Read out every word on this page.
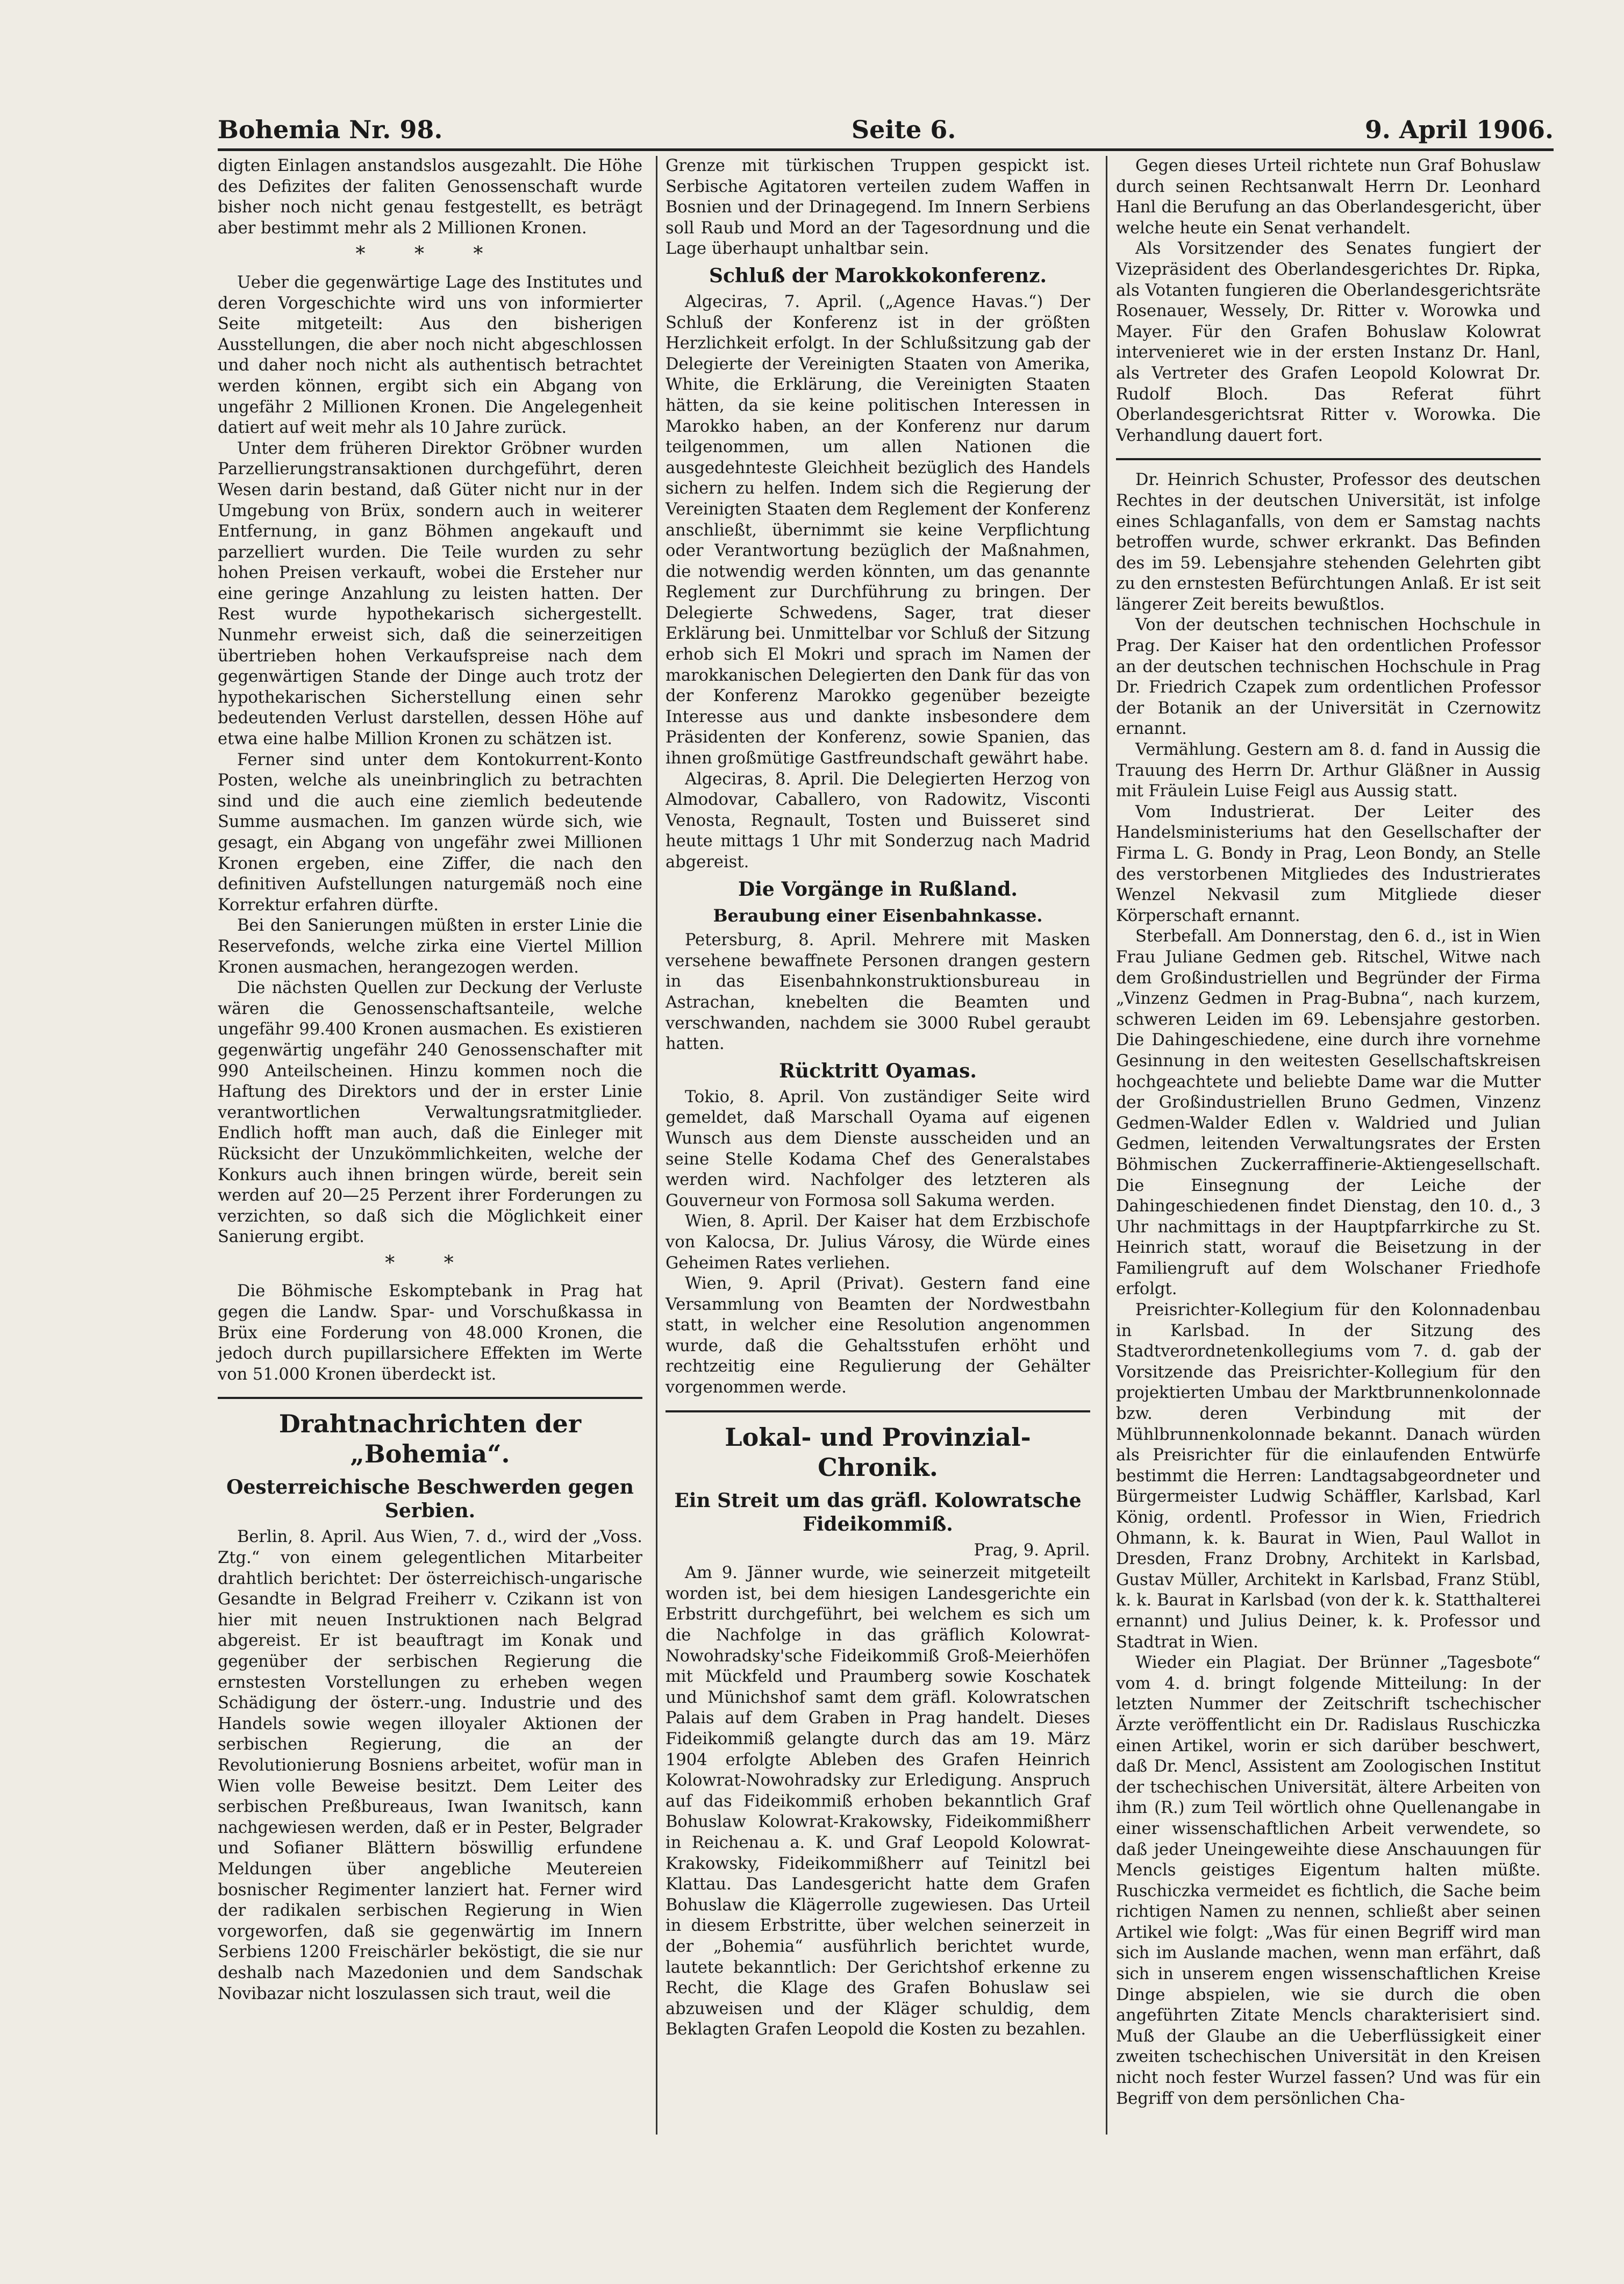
Bohemia Nr. 98.	Seite 6.	9. April 1906.

digten Einlagen anstandslos ausgezahlt. Die Höhe des Defizites der faliten Genossenschaft wurde bisher noch nicht genau festgestellt, es beträgt aber bestimmt mehr als 2 Millionen Kronen.

* * *

Ueber die gegenwärtige Lage des Institutes und deren Vorgeschichte wird uns von informierter Seite mitgeteilt: Aus den bisherigen Ausstellungen, die aber noch nicht abgeschlossen und daher noch nicht als authentisch betrachtet werden können, ergibt sich ein Abgang von ungefähr 2 Millionen Kronen. Die Angelegenheit datiert auf weit mehr als 10 Jahre zurück.

Unter dem früheren Direktor Gröbner wurden Parzellierungstransaktionen durchgeführt, deren Wesen darin bestand, daß Güter nicht nur in der Umgebung von Brüx, sondern auch in weiterer Entfernung, in ganz Böhmen angekauft und parzelliert wurden. Die Teile wurden zu sehr hohen Preisen verkauft, wobei die Ersteher nur eine geringe Anzahlung zu leisten hatten. Der Rest wurde hypothekarisch sichergestellt. Nunmehr erweist sich, daß die seinerzeitigen übertrieben hohen Verkaufspreise nach dem gegenwärtigen Stande der Dinge auch trotz der hypothekarischen Sicherstellung einen sehr bedeutenden Verlust darstellen, dessen Höhe auf etwa eine halbe Million Kronen zu schätzen ist.

Ferner sind unter dem Kontokurrent-Konto Posten, welche als uneinbringlich zu betrachten sind und die auch eine ziemlich bedeutende Summe ausmachen. Im ganzen würde sich, wie gesagt, ein Abgang von ungefähr zwei Millionen Kronen ergeben, eine Ziffer, die nach den definitiven Aufstellungen naturgemäß noch eine Korrektur erfahren dürfte.

Bei den Sanierungen müßten in erster Linie die Reservefonds, welche zirka eine Viertel Million Kronen ausmachen, herangezogen werden.

Die nächsten Quellen zur Deckung der Verluste wären die Genossenschaftsanteile, welche ungefähr 99.400 Kronen ausmachen. Es existieren gegenwärtig ungefähr 240 Genossenschafter mit 990 Anteilscheinen. Hinzu kommen noch die Haftung des Direktors und der in erster Linie verantwortlichen Verwaltungsratmitglieder. Endlich hofft man auch, daß die Einleger mit Rücksicht der Unzukömmlichkeiten, welche der Konkurs auch ihnen bringen würde, bereit sein werden auf 20—25 Perzent ihrer Forderungen zu verzichten, so daß sich die Möglichkeit einer Sanierung ergibt.

* *

Die Böhmische Eskomptebank in Prag hat gegen die Landw. Spar- und Vorschußkassa in Brüx eine Forderung von 48.000 Kronen, die jedoch durch pupillarsichere Effekten im Werte von 51.000 Kronen überdeckt ist.

Drahtnachrichten der „Bohemia“.
Oesterreichische Beschwerden gegen Serbien.

Berlin, 8. April. Aus Wien, 7. d., wird der „Voss. Ztg.“ von einem gelegentlichen Mitarbeiter drahtlich berichtet: Der österreichisch-ungarische Gesandte in Belgrad Freiherr v. Czikann ist von hier mit neuen Instruktionen nach Belgrad abgereist. Er ist beauftragt im Konak und gegenüber der serbischen Regierung die ernstesten Vorstellungen zu erheben wegen Schädigung der österr.-ung. Industrie und des Handels sowie wegen illoyaler Aktionen der serbischen Regierung, die an der Revolutionierung Bosniens arbeitet, wofür man in Wien volle Beweise besitzt. Dem Leiter des serbischen Preßbureaus, Iwan Iwanitsch, kann nachgewiesen werden, daß er in Pester, Belgrader und Sofianer Blättern böswillig erfundene Meldungen über angebliche Meutereien bosnischer Regimenter lanziert hat. Ferner wird der radikalen serbischen Regierung in Wien vorgeworfen, daß sie gegenwärtig im Innern Serbiens 1200 Freischärler beköstigt, die sie nur deshalb nach Mazedonien und dem Sandschak Novibazar nicht loszulassen sich traut, weil die

Grenze mit türkischen Truppen gespickt ist. Serbische Agitatoren verteilen zudem Waffen in Bosnien und der Drinagegend. Im Innern Serbiens soll Raub und Mord an der Tagesordnung und die Lage überhaupt unhaltbar sein.

Schluß der Marokkokonferenz.

Algeciras, 7. April. („Agence Havas.“) Der Schluß der Konferenz ist in der größten Herzlichkeit erfolgt. In der Schlußsitzung gab der Delegierte der Vereinigten Staaten von Amerika, White, die Erklärung, die Vereinigten Staaten hätten, da sie keine politischen Interessen in Marokko haben, an der Konferenz nur darum teilgenommen, um allen Nationen die ausgedehnteste Gleichheit bezüglich des Handels sichern zu helfen. Indem sich die Regierung der Vereinigten Staaten dem Reglement der Konferenz anschließt, übernimmt sie keine Verpflichtung oder Verantwortung bezüglich der Maßnahmen, die notwendig werden könnten, um das genannte Reglement zur Durchführung zu bringen. Der Delegierte Schwedens, Sager, trat dieser Erklärung bei. Unmittelbar vor Schluß der Sitzung erhob sich El Mokri und sprach im Namen der marokkanischen Delegierten den Dank für das von der Konferenz Marokko gegenüber bezeigte Interesse aus und dankte insbesondere dem Präsidenten der Konferenz, sowie Spanien, das ihnen großmütige Gastfreundschaft gewährt habe.

Algeciras, 8. April. Die Delegierten Herzog von Almodovar, Caballero, von Radowitz, Visconti Venosta, Regnault, Tosten und Buisseret sind heute mittags 1 Uhr mit Sonderzug nach Madrid abgereist.

Die Vorgänge in Rußland.
Beraubung einer Eisenbahnkasse.

Petersburg, 8. April. Mehrere mit Masken versehene bewaffnete Personen drangen gestern in das Eisenbahnkonstruktionsbureau in Astrachan, knebelten die Beamten und verschwanden, nachdem sie 3000 Rubel geraubt hatten.

Rücktritt Oyamas.

Tokio, 8. April. Von zuständiger Seite wird gemeldet, daß Marschall Oyama auf eigenen Wunsch aus dem Dienste ausscheiden und an seine Stelle Kodama Chef des Generalstabes werden wird. Nachfolger des letzteren als Gouverneur von Formosa soll Sakuma werden.

Wien, 8. April. Der Kaiser hat dem Erzbischofe von Kalocsa, Dr. Julius Városy, die Würde eines Geheimen Rates verliehen.

Wien, 9. April (Privat). Gestern fand eine Versammlung von Beamten der Nordwestbahn statt, in welcher eine Resolution angenommen wurde, daß die Gehaltsstufen erhöht und rechtzeitig eine Regulierung der Gehälter vorgenommen werde.

Lokal- und Provinzial-Chronik.
Ein Streit um das gräfl. Kolowratsche Fideikommiß.
Prag, 9. April.

Am 9. Jänner wurde, wie seinerzeit mitgeteilt worden ist, bei dem hiesigen Landesgerichte ein Erbstritt durchgeführt, bei welchem es sich um die Nachfolge in das gräflich Kolowrat-Nowohradsky'sche Fideikommiß Groß-Meierhöfen mit Mückfeld und Praumberg sowie Koschatek und Münichshof samt dem gräfl. Kolowratschen Palais auf dem Graben in Prag handelt. Dieses Fideikommiß gelangte durch das am 19. März 1904 erfolgte Ableben des Grafen Heinrich Kolowrat-Nowohradsky zur Erledigung. Anspruch auf das Fideikommiß erhoben bekanntlich Graf Bohuslaw Kolowrat-Krakowsky, Fideikommißherr in Reichenau a. K. und Graf Leopold Kolowrat-Krakowsky, Fideikommißherr auf Teinitzl bei Klattau. Das Landesgericht hatte dem Grafen Bohuslaw die Klägerrolle zugewiesen. Das Urteil in diesem Erbstritte, über welchen seinerzeit in der „Bohemia“ ausführlich berichtet wurde, lautete bekanntlich: Der Gerichtshof erkenne zu Recht, die Klage des Grafen Bohuslaw sei abzuweisen und der Kläger schuldig, dem Beklagten Grafen Leopold die Kosten zu bezahlen.

Gegen dieses Urteil richtete nun Graf Bohuslaw durch seinen Rechtsanwalt Herrn Dr. Leonhard Hanl die Berufung an das Oberlandesgericht, über welche heute ein Senat verhandelt.

Als Vorsitzender des Senates fungiert der Vizepräsident des Oberlandesgerichtes Dr. Ripka, als Votanten fungieren die Oberlandesgerichtsräte Rosenauer, Wessely, Dr. Ritter v. Worowka und Mayer. Für den Grafen Bohuslaw Kolowrat intervenieret wie in der ersten Instanz Dr. Hanl, als Vertreter des Grafen Leopold Kolowrat Dr. Rudolf Bloch. Das Referat führt Oberlandesgerichtsrat Ritter v. Worowka. Die Verhandlung dauert fort.

Dr. Heinrich Schuster, Professor des deutschen Rechtes in der deutschen Universität, ist infolge eines Schlaganfalls, von dem er Samstag nachts betroffen wurde, schwer erkrankt. Das Befinden des im 59. Lebensjahre stehenden Gelehrten gibt zu den ernstesten Befürchtungen Anlaß. Er ist seit längerer Zeit bereits bewußtlos.

Von der deutschen technischen Hochschule in Prag. Der Kaiser hat den ordentlichen Professor an der deutschen technischen Hochschule in Prag Dr. Friedrich Czapek zum ordentlichen Professor der Botanik an der Universität in Czernowitz ernannt.

Vermählung. Gestern am 8. d. fand in Aussig die Trauung des Herrn Dr. Arthur Gläßner in Aussig mit Fräulein Luise Feigl aus Aussig statt.

Vom Industrierat. Der Leiter des Handelsministeriums hat den Gesellschafter der Firma L. G. Bondy in Prag, Leon Bondy, an Stelle des verstorbenen Mitgliedes des Industrierates Wenzel Nekvasil zum Mitgliede dieser Körperschaft ernannt.

Sterbefall. Am Donnerstag, den 6. d., ist in Wien Frau Juliane Gedmen geb. Ritschel, Witwe nach dem Großindustriellen und Begründer der Firma „Vinzenz Gedmen in Prag-Bubna“, nach kurzem, schweren Leiden im 69. Lebensjahre gestorben. Die Dahingeschiedene, eine durch ihre vornehme Gesinnung in den weitesten Gesellschaftskreisen hochgeachtete und beliebte Dame war die Mutter der Großindustriellen Bruno Gedmen, Vinzenz Gedmen-Walder Edlen v. Waldried und Julian Gedmen, leitenden Verwaltungsrates der Ersten Böhmischen Zuckerraffinerie-Aktiengesellschaft. Die Einsegnung der Leiche der Dahingeschiedenen findet Dienstag, den 10. d., 3 Uhr nachmittags in der Hauptpfarrkirche zu St. Heinrich statt, worauf die Beisetzung in der Familiengruft auf dem Wolschaner Friedhofe erfolgt.

Preisrichter-Kollegium für den Kolonnadenbau in Karlsbad. In der Sitzung des Stadtverordnetenkollegiums vom 7. d. gab der Vorsitzende das Preisrichter-Kollegium für den projektierten Umbau der Marktbrunnenkolonnade bzw. deren Verbindung mit der Mühlbrunnenkolonnade bekannt. Danach würden als Preisrichter für die einlaufenden Entwürfe bestimmt die Herren: Landtagsabgeordneter und Bürgermeister Ludwig Schäffler, Karlsbad, Karl König, ordentl. Professor in Wien, Friedrich Ohmann, k. k. Baurat in Wien, Paul Wallot in Dresden, Franz Drobny, Architekt in Karlsbad, Gustav Müller, Architekt in Karlsbad, Franz Stübl, k. k. Baurat in Karlsbad (von der k. k. Statthalterei ernannt) und Julius Deiner, k. k. Professor und Stadtrat in Wien.

Wieder ein Plagiat. Der Brünner „Tagesbote“ vom 4. d. bringt folgende Mitteilung: In der letzten Nummer der Zeitschrift tschechischer Ärzte veröffentlicht ein Dr. Radislaus Ruschiczka einen Artikel, worin er sich darüber beschwert, daß Dr. Mencl, Assistent am Zoologischen Institut der tschechischen Universität, ältere Arbeiten von ihm (R.) zum Teil wörtlich ohne Quellenangabe in einer wissenschaftlichen Arbeit verwendete, so daß jeder Uneingeweihte diese Anschauungen für Mencls geistiges Eigentum halten müßte. Ruschiczka vermeidet es fichtlich, die Sache beim richtigen Namen zu nennen, schließt aber seinen Artikel wie folgt: „Was für einen Begriff wird man sich im Auslande machen, wenn man erfährt, daß sich in unserem engen wissenschaftlichen Kreise Dinge abspielen, wie sie durch die oben angeführten Zitate Mencls charakterisiert sind. Muß der Glaube an die Ueberflüssigkeit einer zweiten tschechischen Universität in den Kreisen nicht noch fester Wurzel fassen? Und was für ein Begriff von dem persönlichen Cha-
